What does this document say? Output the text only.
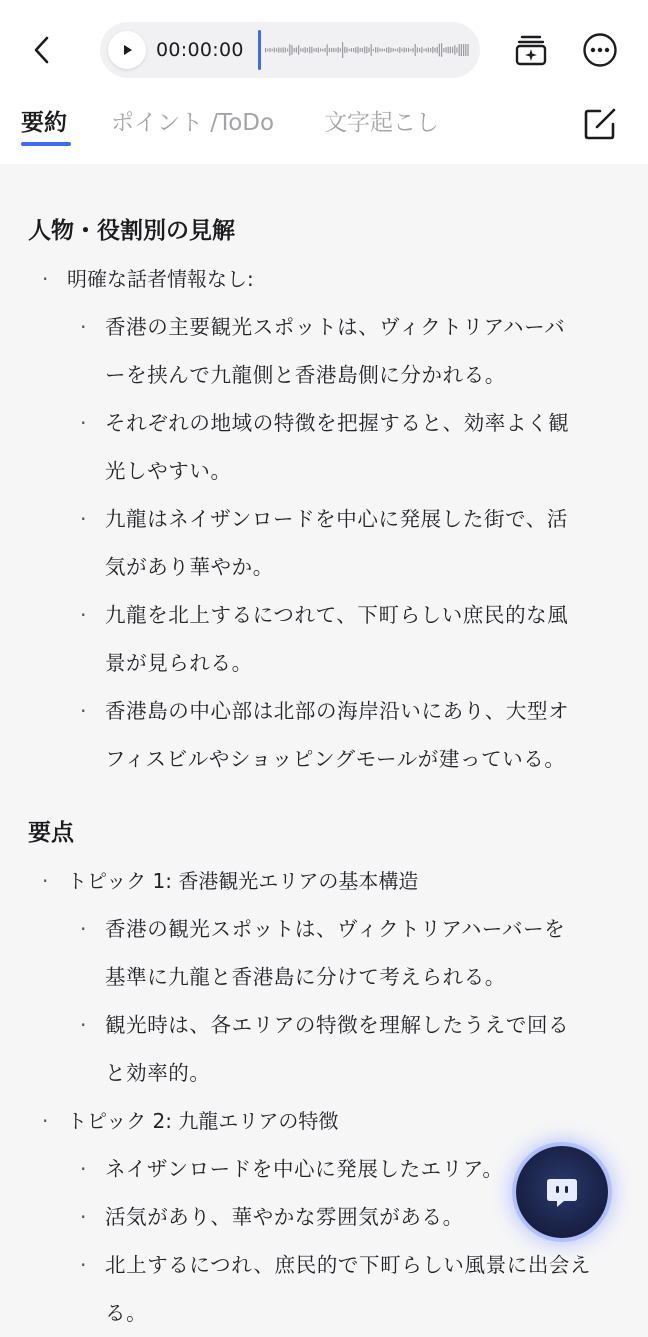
00:00:00
要約 ポイント /ToDo 文字起こし
人物・役割別の見解
· 明確な話者情報なし:
· 香港の主要観光スポットは、ヴィクトリアハーバ
ーを挟んで九龍側と香港島側に分かれる。
· それぞれの地域の特徴を把握すると、効率よく観
光しやすい。
· 九龍はネイザンロードを中心に発展した街で、活
気があり華やか。
· 九龍を北上するにつれて、下町らしい庶民的な風
景が見られる。
· 香港島の中心部は北部の海岸沿いにあり、大型オ
フィスビルやショッピングモールが建っている。
要点
· トピック 1: 香港観光エリアの基本構造
· 香港の観光スポットは、ヴィクトリアハーバーを
基準に九龍と香港島に分けて考えられる。
· 観光時は、各エリアの特徴を理解したうえで回る
と効率的。
· トピック 2: 九龍エリアの特徴
· ネイザンロードを中心に発展したエリア。
· 活気があり、華やかな雰囲気がある。
· 北上するにつれ、庶民的で下町らしい風景に出会える。
